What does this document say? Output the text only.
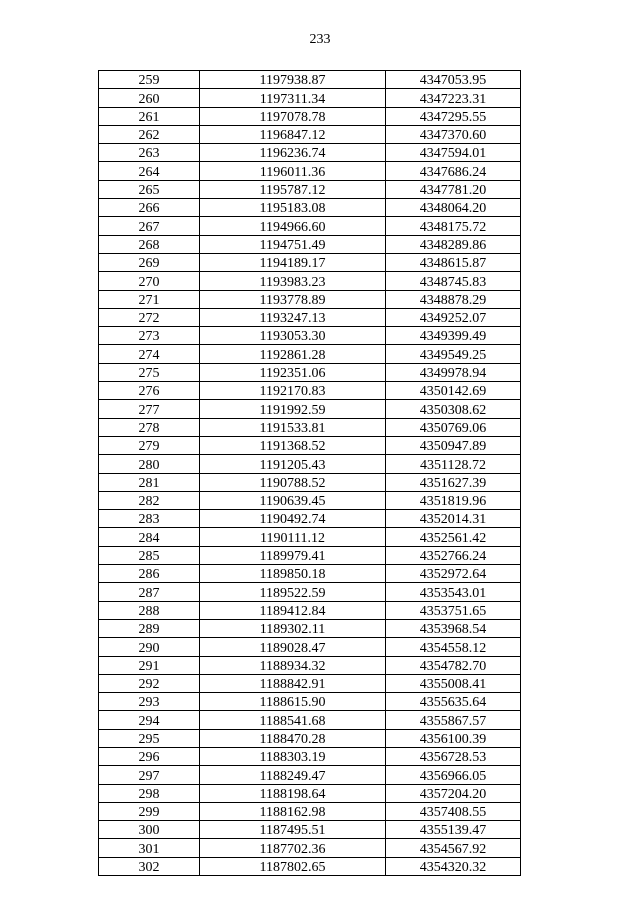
233
259	1197938.87	4347053.95
260	1197311.34	4347223.31
261	1197078.78	4347295.55
262	1196847.12	4347370.60
263	1196236.74	4347594.01
264	1196011.36	4347686.24
265	1195787.12	4347781.20
266	1195183.08	4348064.20
267	1194966.60	4348175.72
268	1194751.49	4348289.86
269	1194189.17	4348615.87
270	1193983.23	4348745.83
271	1193778.89	4348878.29
272	1193247.13	4349252.07
273	1193053.30	4349399.49
274	1192861.28	4349549.25
275	1192351.06	4349978.94
276	1192170.83	4350142.69
277	1191992.59	4350308.62
278	1191533.81	4350769.06
279	1191368.52	4350947.89
280	1191205.43	4351128.72
281	1190788.52	4351627.39
282	1190639.45	4351819.96
283	1190492.74	4352014.31
284	1190111.12	4352561.42
285	1189979.41	4352766.24
286	1189850.18	4352972.64
287	1189522.59	4353543.01
288	1189412.84	4353751.65
289	1189302.11	4353968.54
290	1189028.47	4354558.12
291	1188934.32	4354782.70
292	1188842.91	4355008.41
293	1188615.90	4355635.64
294	1188541.68	4355867.57
295	1188470.28	4356100.39
296	1188303.19	4356728.53
297	1188249.47	4356966.05
298	1188198.64	4357204.20
299	1188162.98	4357408.55
300	1187495.51	4355139.47
301	1187702.36	4354567.92
302	1187802.65	4354320.32
